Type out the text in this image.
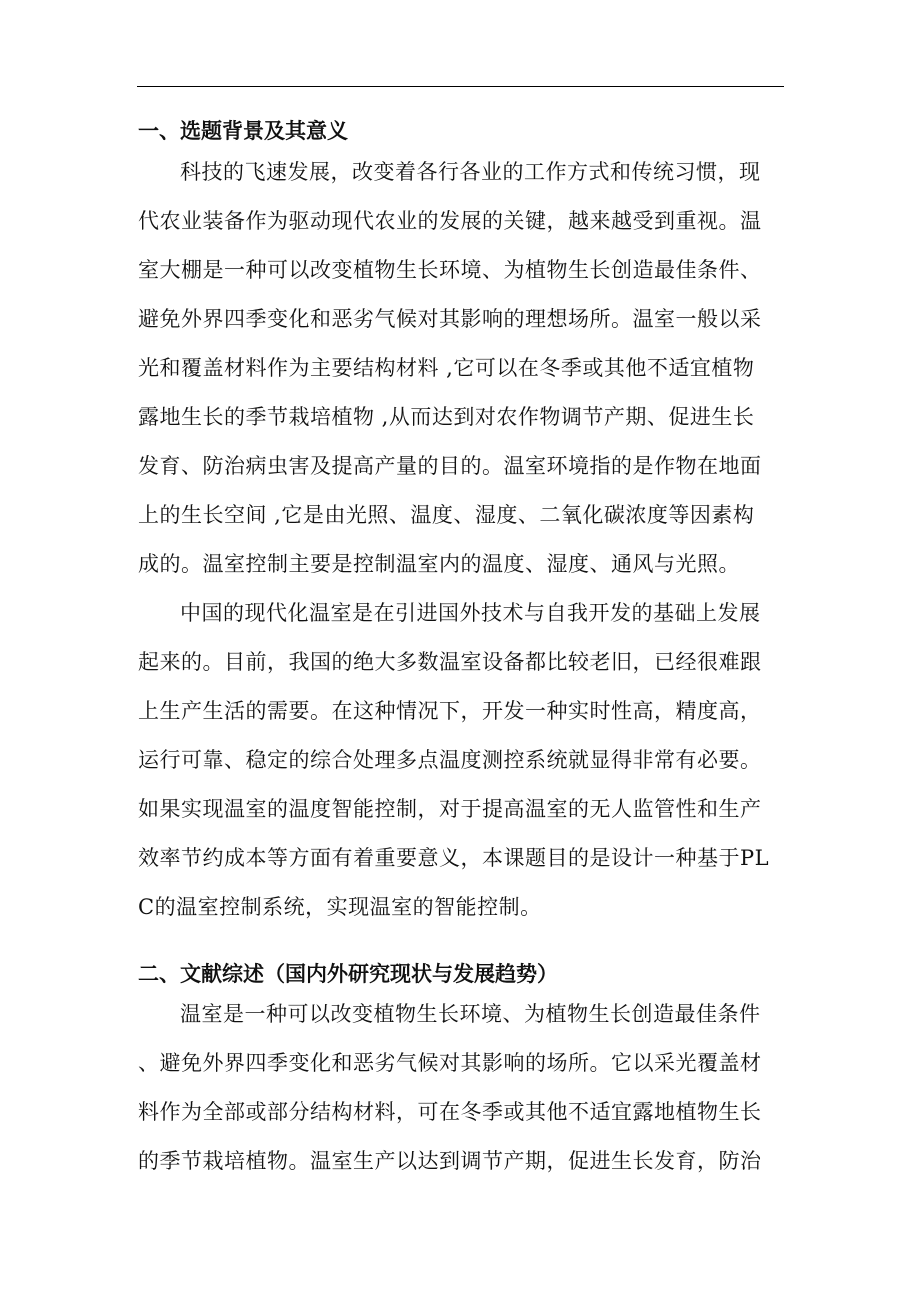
一、选题背景及其意义
科技的飞速发展，改变着各行各业的工作方式和传统习惯，现
代农业装备作为驱动现代农业的发展的关键，越来越受到重视。温
室大棚是一种可以改变植物生长环境、为植物生长创造最佳条件、
避免外界四季变化和恶劣气候对其影响的理想场所。温室一般以采
光和覆盖材料作为主要结构材料 ,它可以在冬季或其他不适宜植物
露地生长的季节栽培植物 ,从而达到对农作物调节产期、促进生长
发育、防治病虫害及提高产量的目的。温室环境指的是作物在地面
上的生长空间 ,它是由光照、温度、湿度、二氧化碳浓度等因素构
成的。温室控制主要是控制温室内的温度、湿度、通风与光照。
中国的现代化温室是在引进国外技术与自我开发的基础上发展
起来的。目前，我国的绝大多数温室设备都比较老旧，已经很难跟
上生产生活的需要。在这种情况下，开发一种实时性高，精度高，
运行可靠、稳定的综合处理多点温度测控系统就显得非常有必要。
如果实现温室的温度智能控制，对于提高温室的无人监管性和生产
效率节约成本等方面有着重要意义，本课题目的是设计一种基于PL
C的温室控制系统，实现温室的智能控制。
二、文献综述（国内外研究现状与发展趋势）
温室是一种可以改变植物生长环境、为植物生长创造最佳条件
、避免外界四季变化和恶劣气候对其影响的场所。它以采光覆盖材
料作为全部或部分结构材料，可在冬季或其他不适宜露地植物生长
的季节栽培植物。温室生产以达到调节产期，促进生长发育，防治
